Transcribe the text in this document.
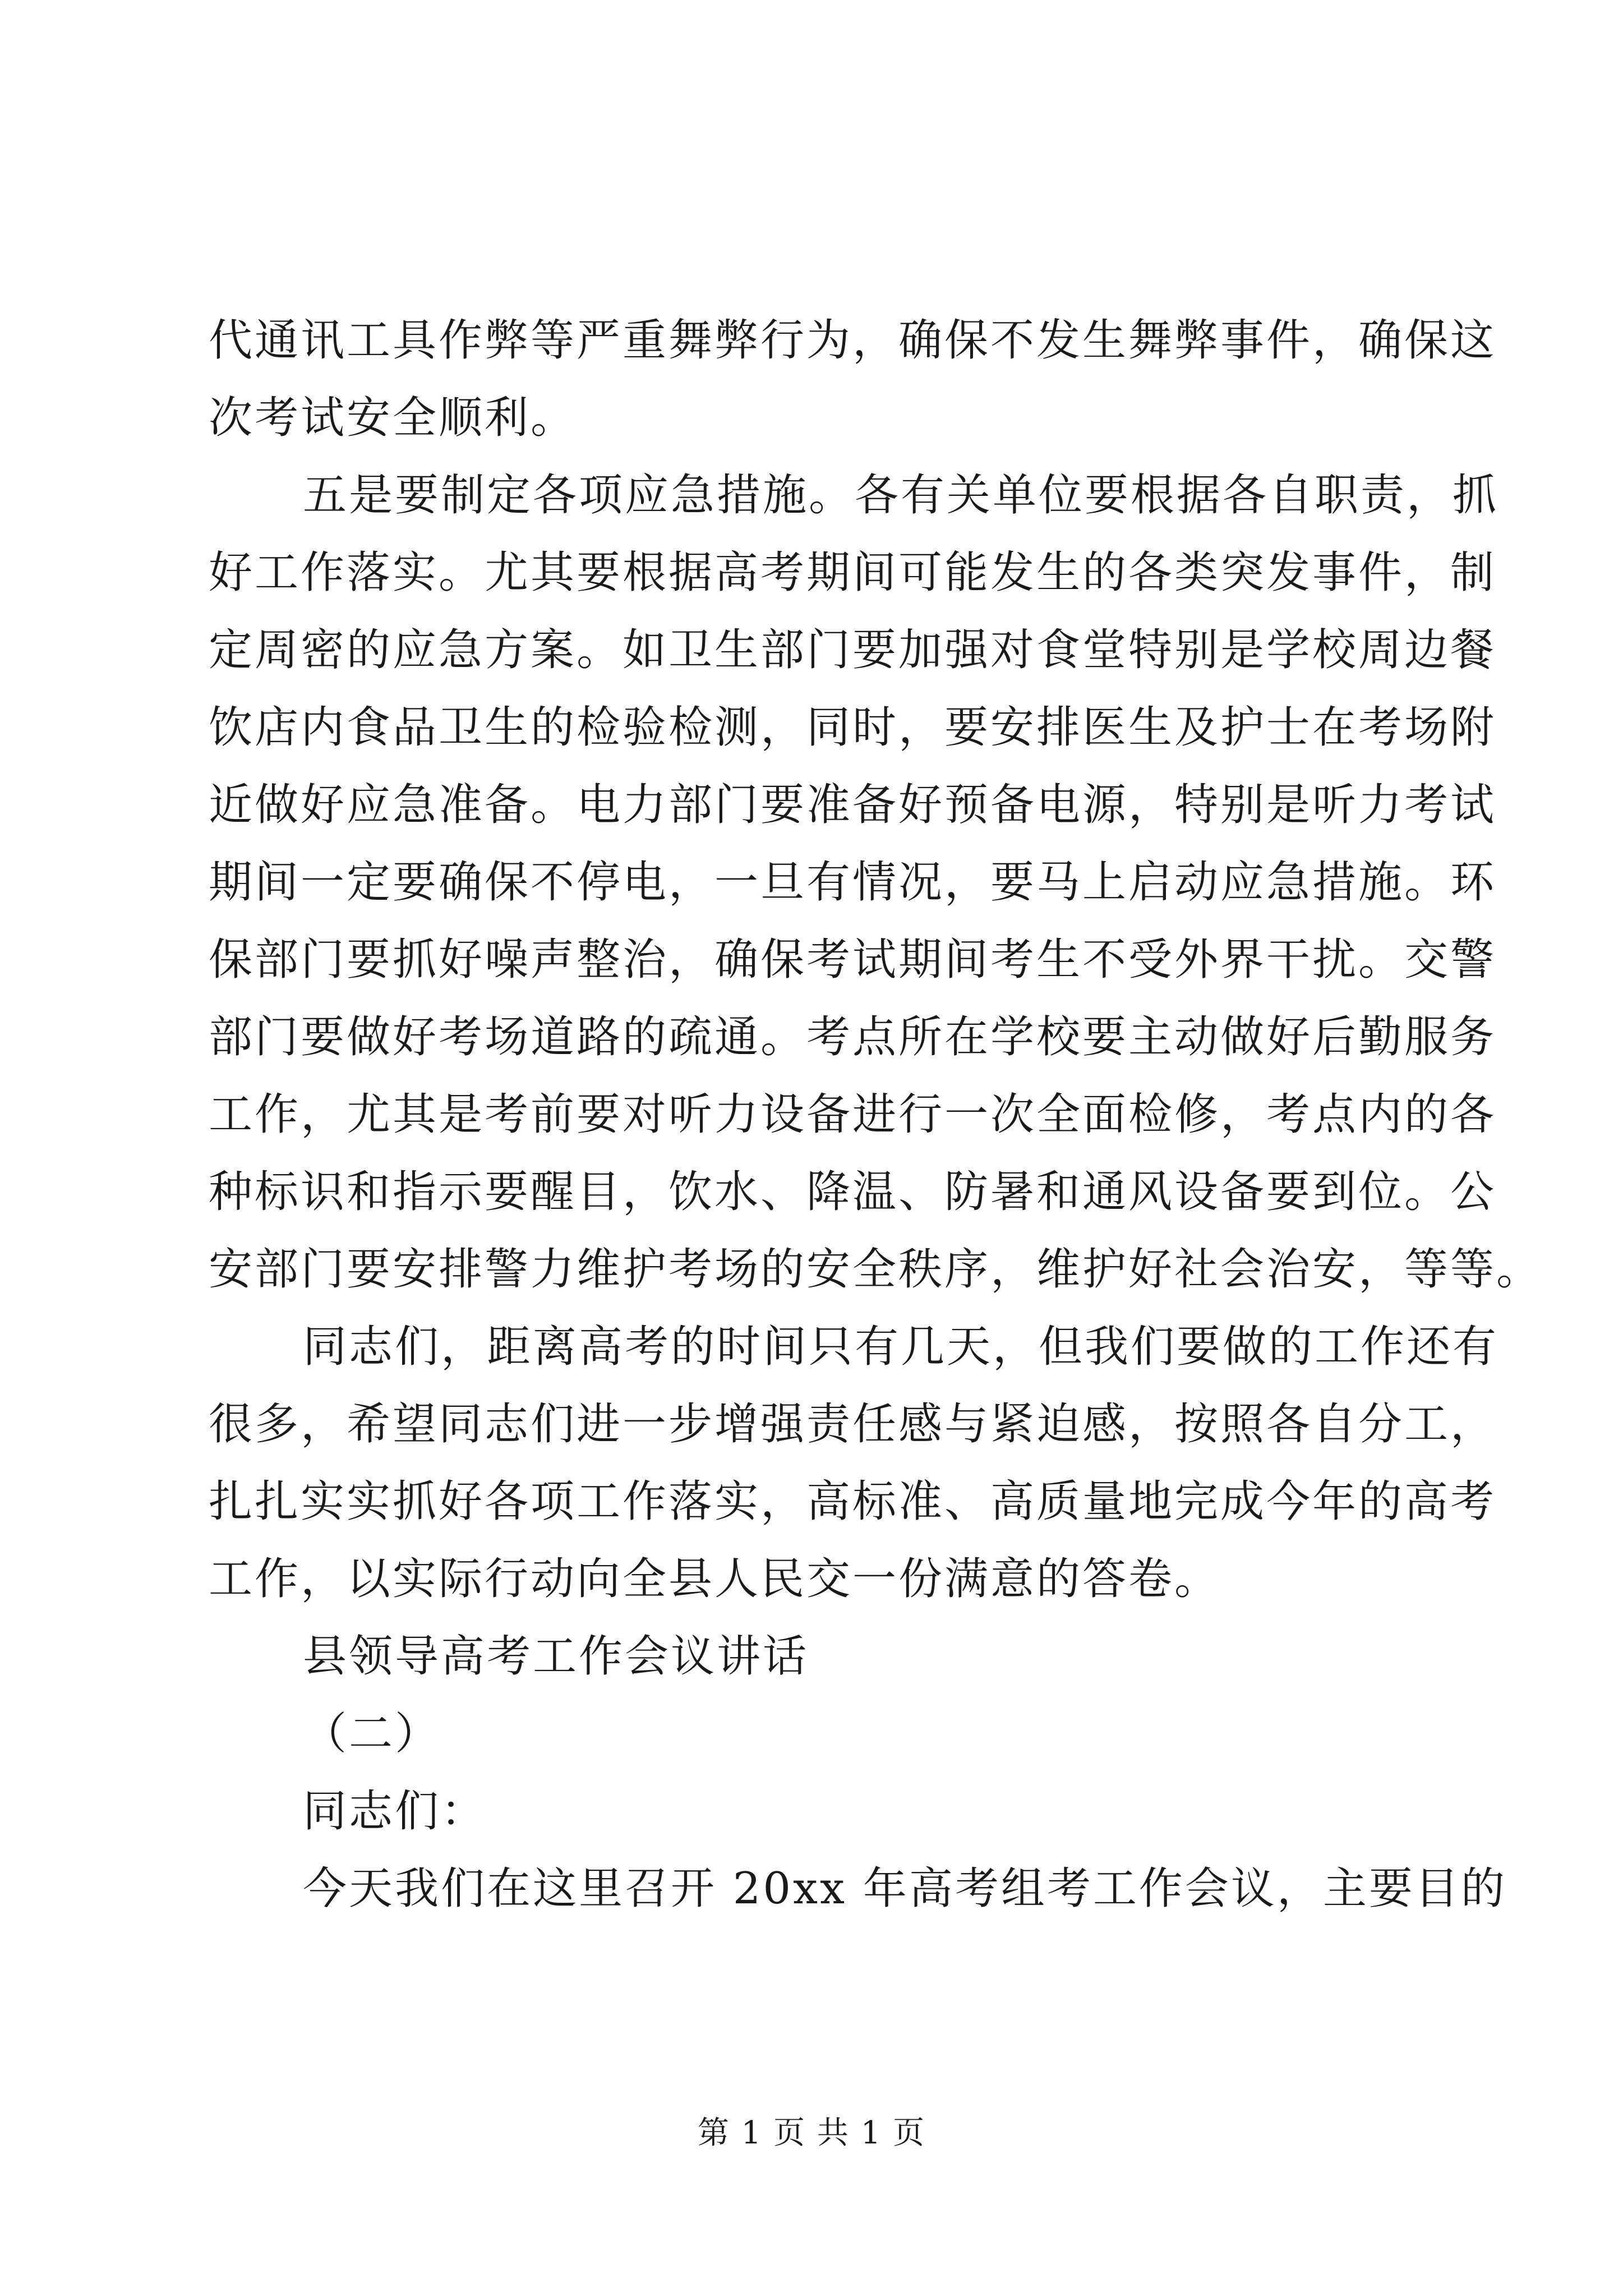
代通讯工具作弊等严重舞弊行为，确保不发生舞弊事件，确保这
次考试安全顺利。
五是要制定各项应急措施。各有关单位要根据各自职责，抓
好工作落实。尤其要根据高考期间可能发生的各类突发事件，制
定周密的应急方案。如卫生部门要加强对食堂特别是学校周边餐
饮店内食品卫生的检验检测，同时，要安排医生及护士在考场附
近做好应急准备。电力部门要准备好预备电源，特别是听力考试
期间一定要确保不停电，一旦有情况，要马上启动应急措施。环
保部门要抓好噪声整治，确保考试期间考生不受外界干扰。交警
部门要做好考场道路的疏通。考点所在学校要主动做好后勤服务
工作，尤其是考前要对听力设备进行一次全面检修，考点内的各
种标识和指示要醒目，饮水、降温、防暑和通风设备要到位。公
安部门要安排警力维护考场的安全秩序，维护好社会治安，等等。
同志们，距离高考的时间只有几天，但我们要做的工作还有
很多，希望同志们进一步增强责任感与紧迫感，按照各自分工，
扎扎实实抓好各项工作落实，高标准、高质量地完成今年的高考
工作，以实际行动向全县人民交一份满意的答卷。
县领导高考工作会议讲话
（二）
同志们：
今天我们在这里召开 20xx 年高考组考工作会议，主要目的
第 1 页 共 1 页
